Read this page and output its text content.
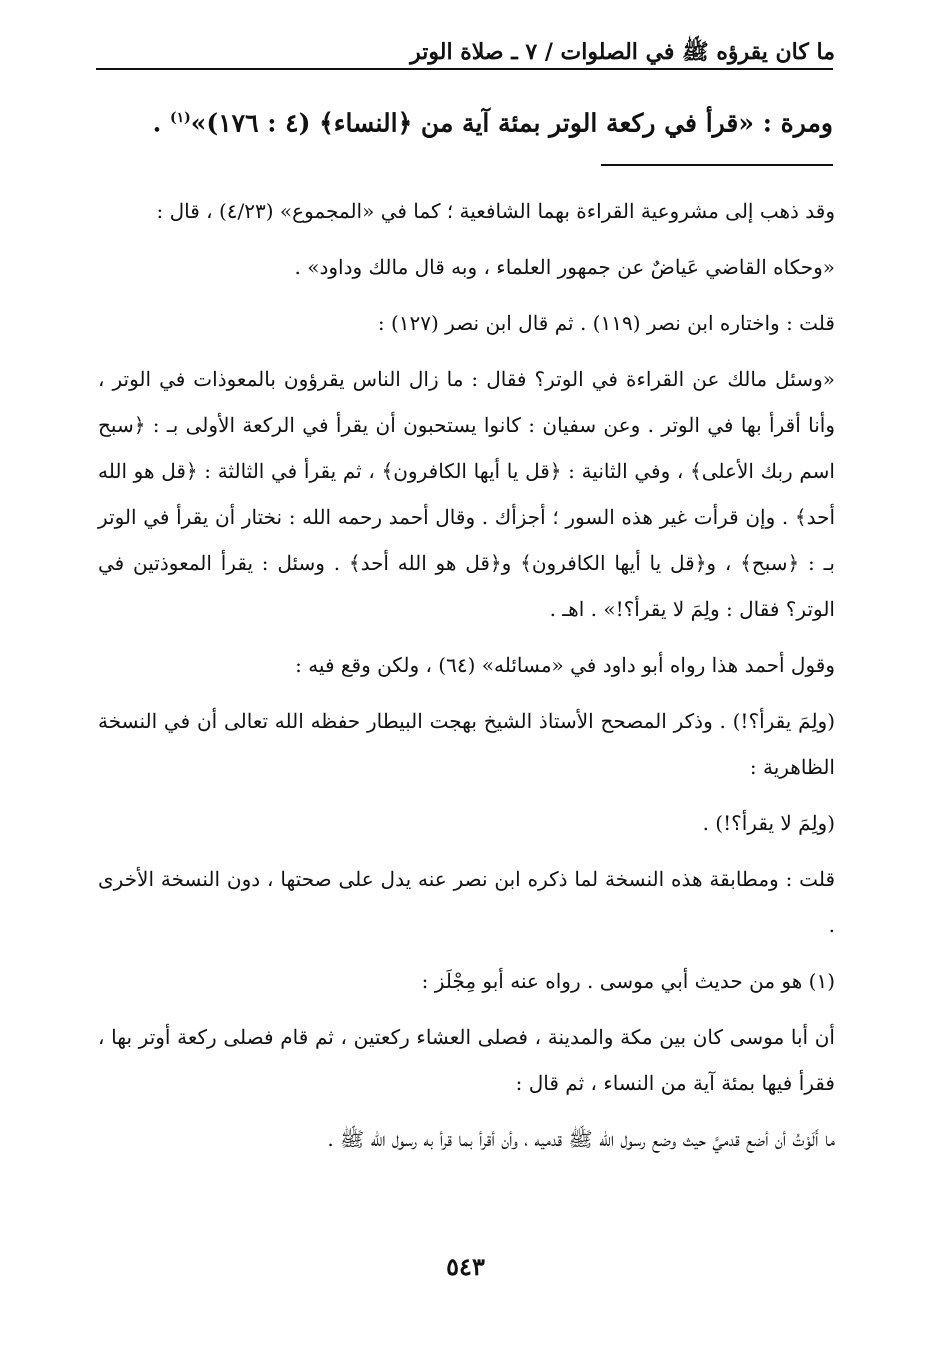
ما كان يقرؤه ﷺ في الصلوات / ٧ ـ صلاة الوتر
ومرة : «قرأ في ركعة الوتر بمئة آية من ﴿النساء﴾ (٤ : ١٧٦)»$^{(١)}$ .

وقد ذهب إلى مشروعية القراءة بهما الشافعية ؛ كما في «المجموع» (٤/٢٣) ، قال :

«وحكاه القاضي عَياضٌ عن جمهور العلماء ، وبه قال مالك وداود» .

قلت : واختاره ابن نصر (١١٩) . ثم قال ابن نصر (١٢٧) :

«وسئل مالك عن القراءة في الوتر؟ فقال : ما زال الناس يقرؤون بالمعوذات في الوتر ، وأنا أقرأ بها في الوتر . وعن سفيان : كانوا يستحبون أن يقرأ في الركعة الأولى بـ : ﴿سبح اسم ربك الأعلى﴾ ، وفي الثانية : ﴿قل يا أيها الكافرون﴾ ، ثم يقرأ في الثالثة : ﴿قل هو الله أحد﴾ . وإن قرأت غير هذه السور ؛ أجزأك . وقال أحمد رحمه الله : نختار أن يقرأ في الوتر بـ : ﴿سبح﴾ ، و﴿قل يا أيها الكافرون﴾ و﴿قل هو الله أحد﴾ . وسئل : يقرأ المعوذتين في الوتر؟ فقال : ولِمَ لا يقرأ؟!» . اهـ .

وقول أحمد هذا رواه أبو داود في «مسائله» (٦٤) ، ولكن وقع فيه :

(ولِمَ يقرأ؟!) . وذكر المصحح الأستاذ الشيخ بهجت البيطار حفظه الله تعالى أن في النسخة الظاهرية :

(ولِمَ لا يقرأ؟!) .

قلت : ومطابقة هذه النسخة لما ذكره ابن نصر عنه يدل على صحتها ، دون النسخة الأخرى .

(١) هو من حديث أبي موسى . رواه عنه أبو مِجْلَز :

أن أبا موسى كان بين مكة والمدينة ، فصلى العشاء ركعتين ، ثم قام فصلى ركعة أوتر بها ، فقرأ فيها بمئة آية من النساء ، ثم قال :

ما أَلَوْتُ أن أضع قدميَّ حيث وضع رسول الله ﷺ قدميه ، وأن أقرأ بما قرأ به رسول الله ﷺ .

٥٤٣
